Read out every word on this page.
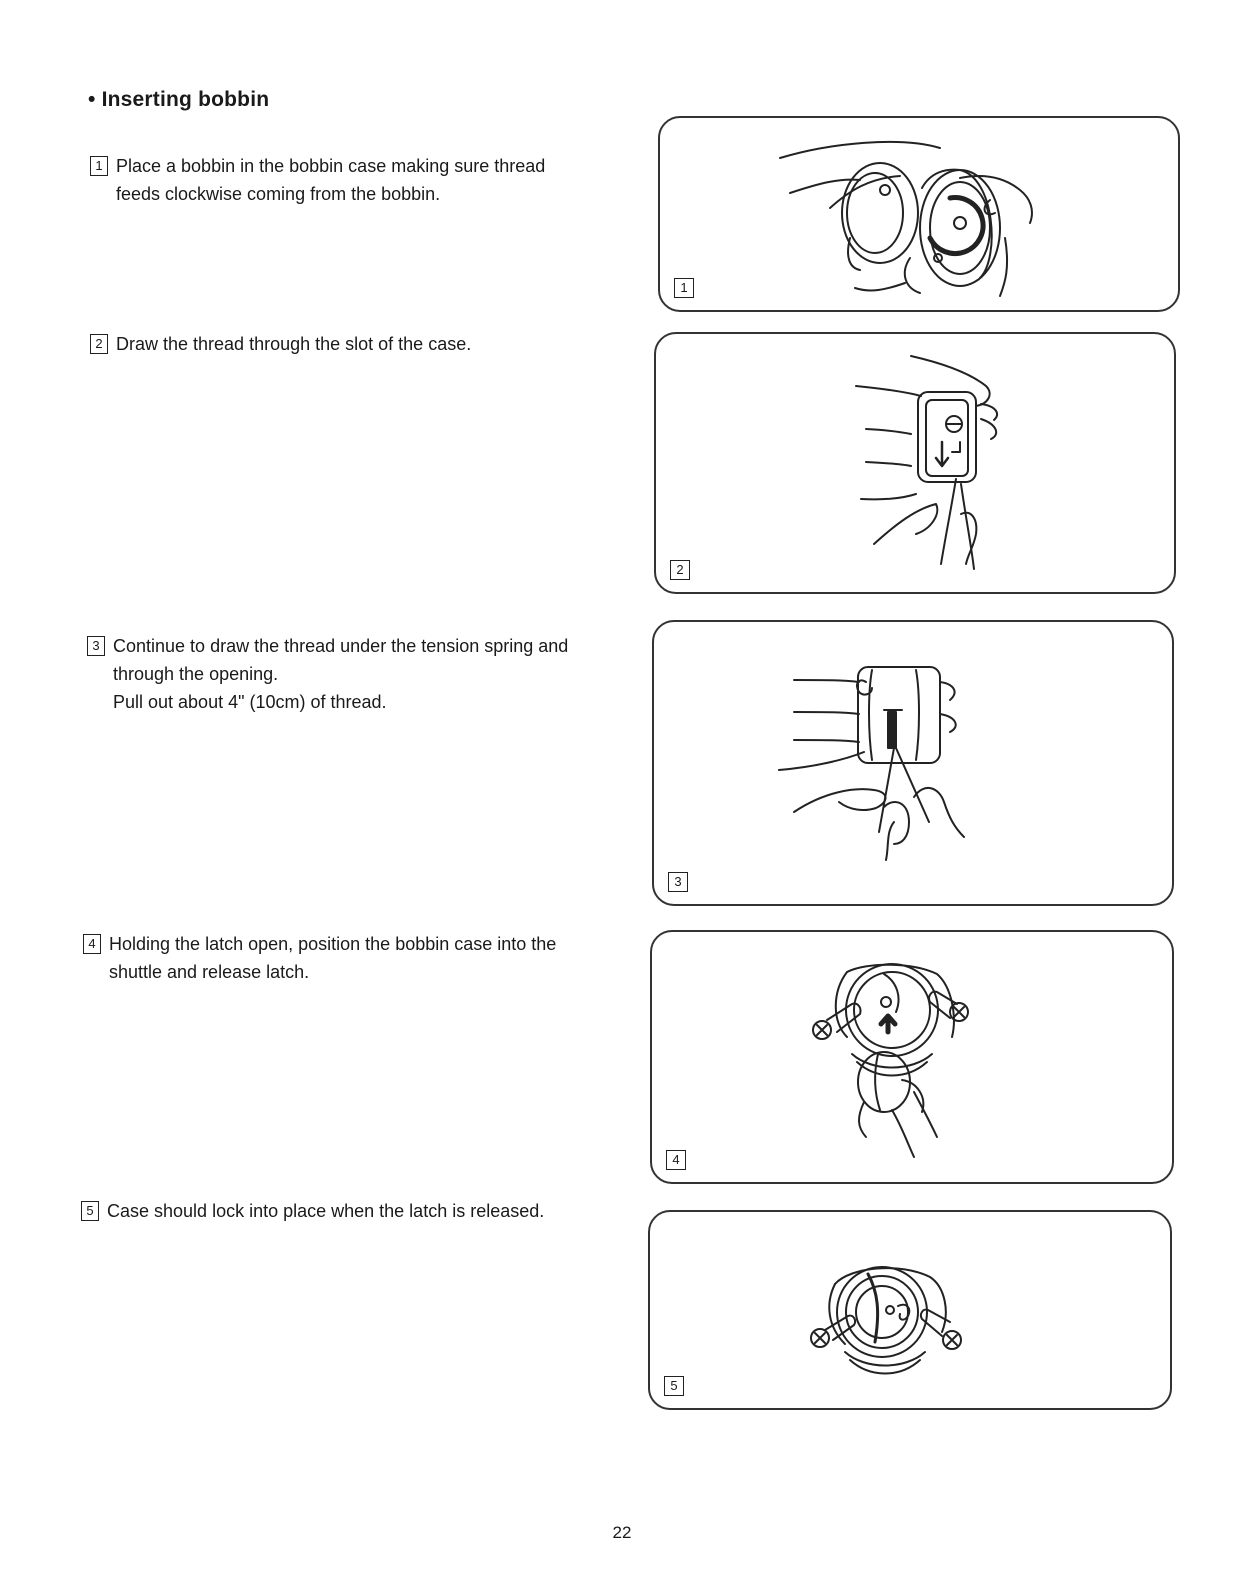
• Inserting bobbin
1 Place a bobbin in the bobbin case making sure thread
feeds clockwise coming from the bobbin.
2 Draw the thread through the slot of the case.
3 Continue to draw the thread under the tension spring and
through the opening.
Pull out about 4" (10cm) of thread.
4 Holding the latch open, position the bobbin case into the
shuttle and release latch.
5 Case should lock into place when the latch is released.
1
2
3
4
5
22
